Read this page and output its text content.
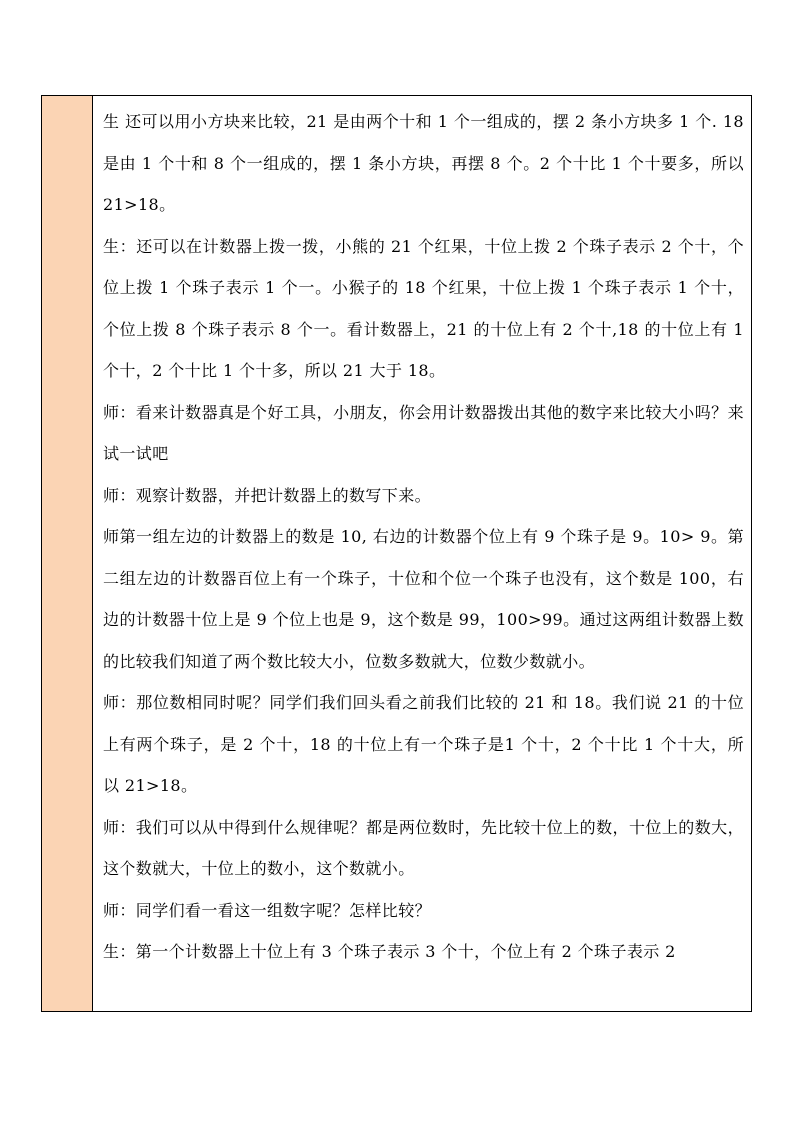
生 还可以用小方块来比较，21 是由两个十和 1 个一组成的，摆 2 条小方块多 1 个. 18 是由 1 个十和 8 个一组成的，摆 1 条小方块，再摆 8 个。2 个十比 1 个十要多，所以 21>18。

生：还可以在计数器上拨一拨，小熊的 21 个红果，十位上拨 2 个珠子表示 2 个十，个位上拨 1 个珠子表示 1 个一。小猴子的 18 个红果，十位上拨 1 个珠子表示 1 个十，个位上拨 8 个珠子表示 8 个一。看计数器上，21 的十位上有 2 个十,18 的十位上有 1 个十，2 个十比 1 个十多，所以 21 大于 18。

师：看来计数器真是个好工具，小朋友，你会用计数器拨出其他的数字来比较大小吗？来试一试吧

师：观察计数器，并把计数器上的数写下来。

师第一组左边的计数器上的数是 10, 右边的计数器个位上有 9 个珠子是 9。10> 9。第二组左边的计数器百位上有一个珠子，十位和个位一个珠子也没有，这个数是 100，右边的计数器十位上是 9 个位上也是 9，这个数是 99，100>99。通过这两组计数器上数的比较我们知道了两个数比较大小，位数多数就大，位数少数就小。

师：那位数相同时呢？同学们我们回头看之前我们比较的 21 和 18。我们说 21 的十位上有两个珠子，是 2 个十，18 的十位上有一个珠子是1 个十，2 个十比 1 个十大，所以 21>18。

师：我们可以从中得到什么规律呢？都是两位数时，先比较十位上的数，十位上的数大，这个数就大，十位上的数小，这个数就小。

师：同学们看一看这一组数字呢？怎样比较？

生：第一个计数器上十位上有 3 个珠子表示 3 个十，个位上有 2 个珠子表示 2
